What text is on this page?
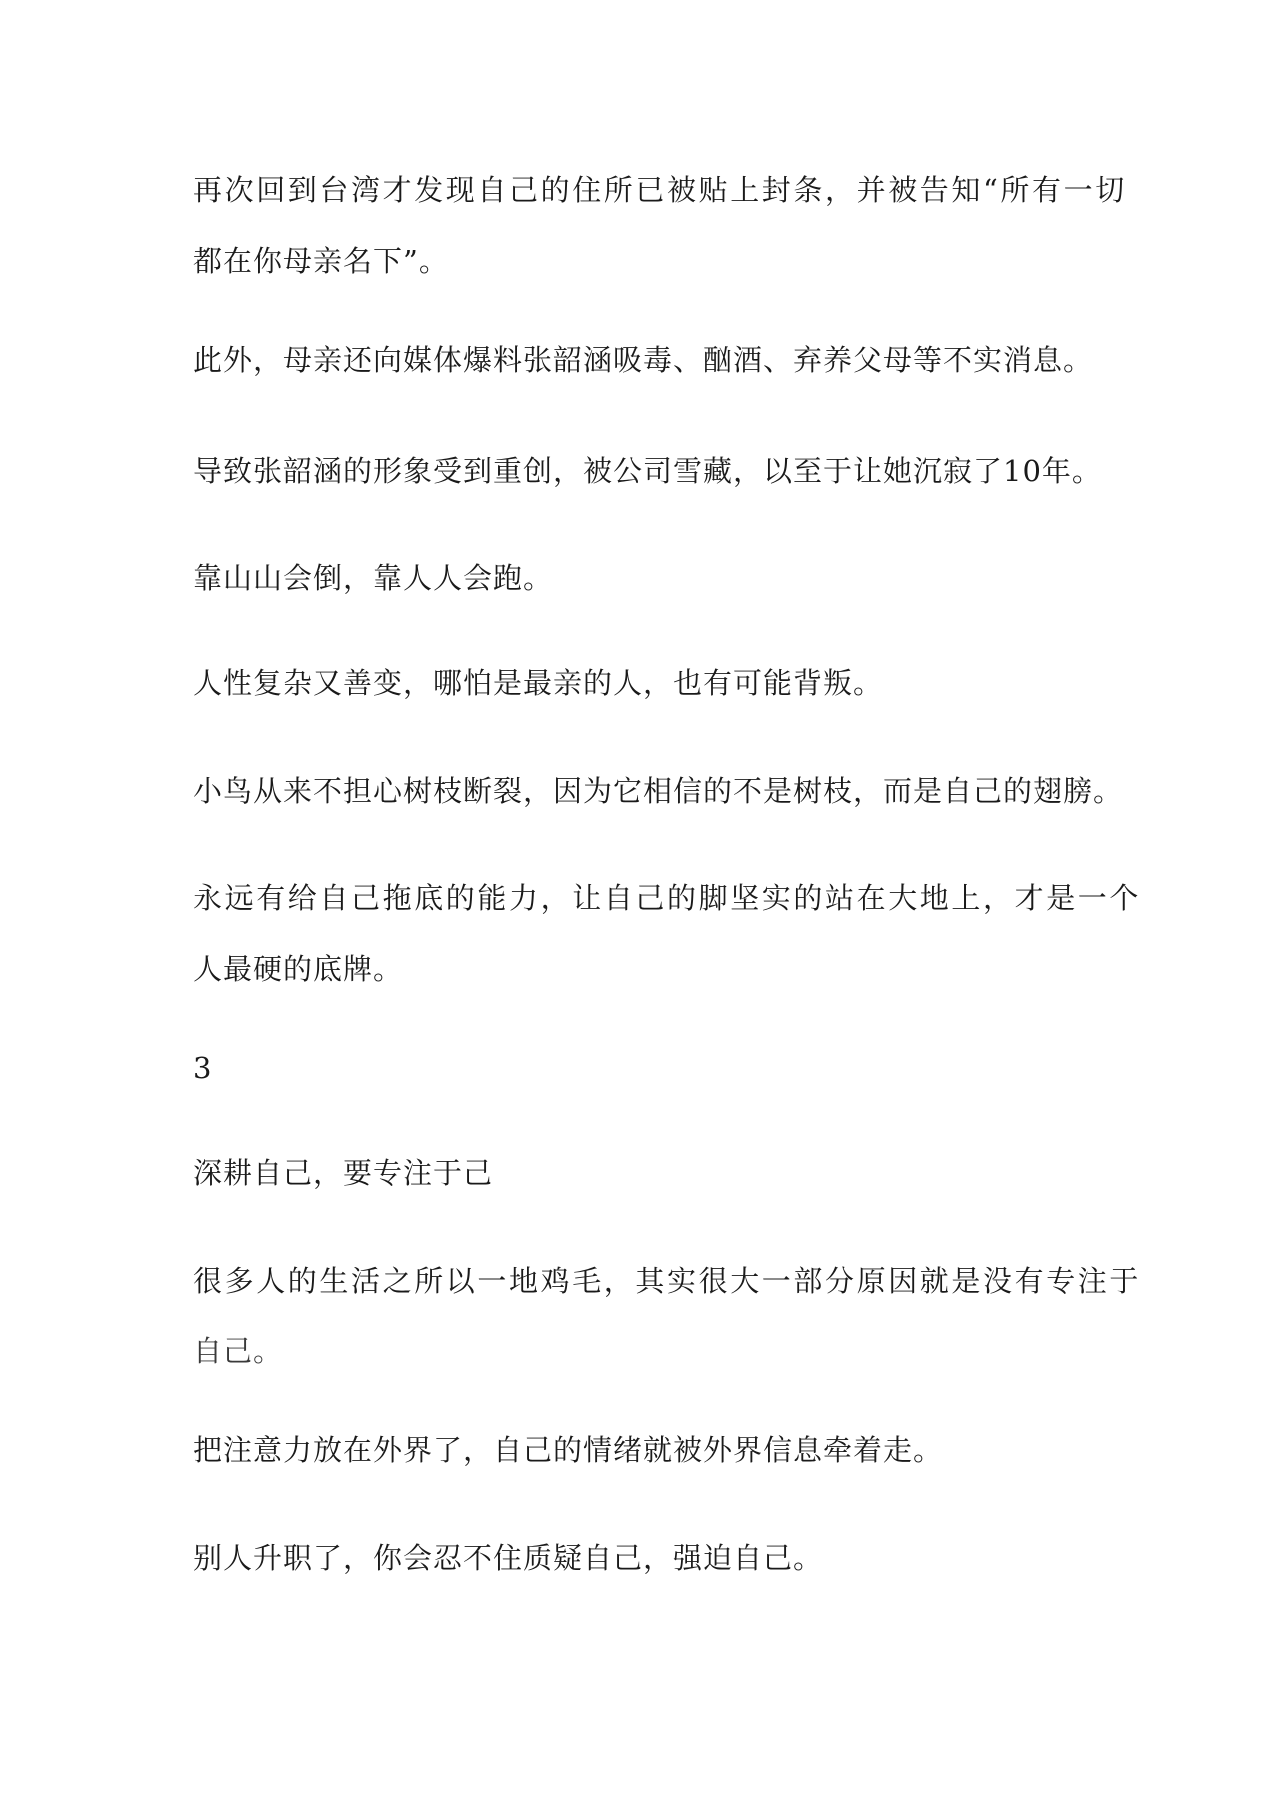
再次回到台湾才发现自己的住所已被贴上封条，并被告知“所有一切

都在你母亲名下”。

此外，母亲还向媒体爆料张韶涵吸毒、酗酒、弃养父母等不实消息。

导致张韶涵的形象受到重创，被公司雪藏，以至于让她沉寂了10年。

靠山山会倒，靠人人会跑。

人性复杂又善变，哪怕是最亲的人，也有可能背叛。

小鸟从来不担心树枝断裂，因为它相信的不是树枝，而是自己的翅膀。

永远有给自己拖底的能力，让自己的脚坚实的站在大地上，才是一个

人最硬的底牌。

3

深耕自己，要专注于己

很多人的生活之所以一地鸡毛，其实很大一部分原因就是没有专注于

自己。

把注意力放在外界了，自己的情绪就被外界信息牵着走。

别人升职了，你会忍不住质疑自己，强迫自己。
